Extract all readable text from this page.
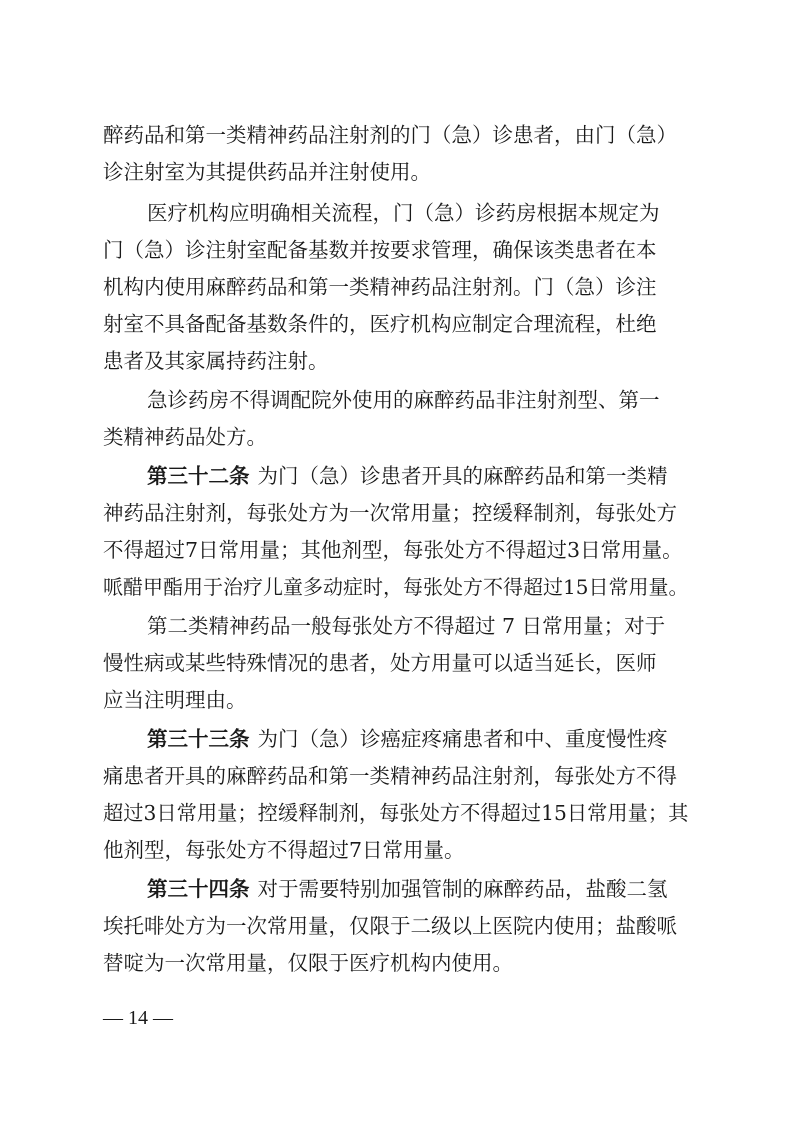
醉药品和第一类精神药品注射剂的门（急）诊患者，由门（急）
诊注射室为其提供药品并注射使用。
医疗机构应明确相关流程，门（急）诊药房根据本规定为
门（急）诊注射室配备基数并按要求管理，确保该类患者在本
机构内使用麻醉药品和第一类精神药品注射剂。门（急）诊注
射室不具备配备基数条件的，医疗机构应制定合理流程，杜绝
患者及其家属持药注射。
急诊药房不得调配院外使用的麻醉药品非注射剂型、第一
类精神药品处方。
第三十二条 为门（急）诊患者开具的麻醉药品和第一类精
神药品注射剂，每张处方为一次常用量；控缓释制剂，每张处方
不得超过7日常用量；其他剂型，每张处方不得超过3日常用量。
哌醋甲酯用于治疗儿童多动症时，每张处方不得超过15日常用量。
第二类精神药品一般每张处方不得超过 7 日常用量；对于
慢性病或某些特殊情况的患者，处方用量可以适当延长，医师
应当注明理由。
第三十三条 为门（急）诊癌症疼痛患者和中、重度慢性疼
痛患者开具的麻醉药品和第一类精神药品注射剂，每张处方不得
超过3日常用量；控缓释制剂，每张处方不得超过15日常用量；其
他剂型，每张处方不得超过7日常用量。
第三十四条 对于需要特别加强管制的麻醉药品，盐酸二氢
埃托啡处方为一次常用量，仅限于二级以上医院内使用；盐酸哌
替啶为一次常用量，仅限于医疗机构内使用。
— 14 —
